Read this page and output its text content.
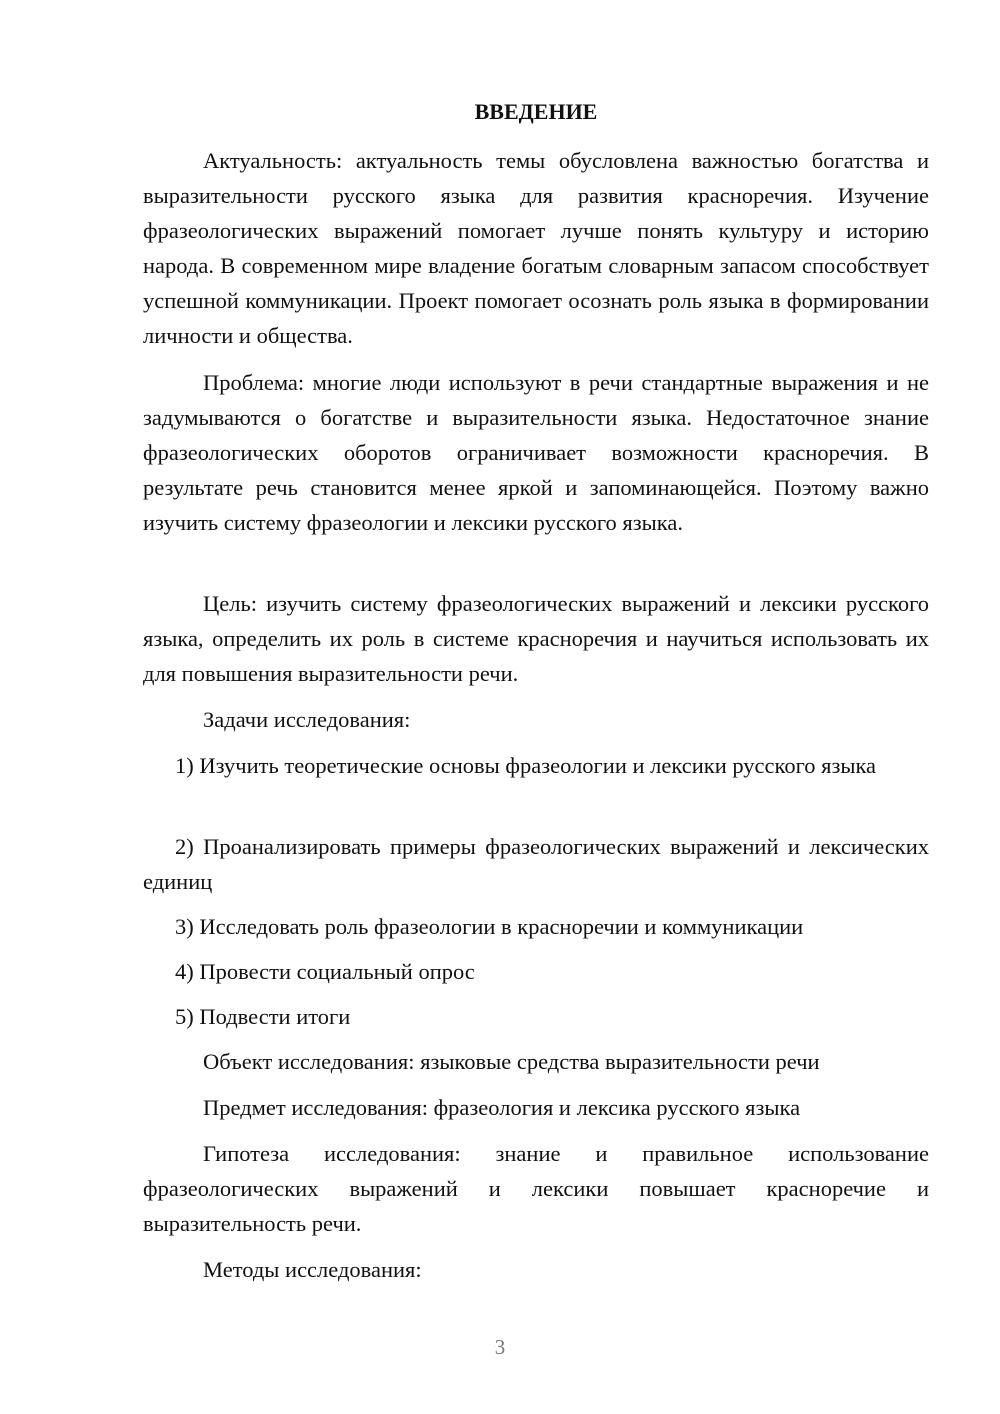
ВВЕДЕНИЕ

Актуальность: актуальность темы обусловлена важностью богатства и выразительности русского языка для развития красноречия. Изучение фразеологических выражений помогает лучше понять культуру и историю народа. В современном мире владение богатым словарным запасом способствует успешной коммуникации. Проект помогает осознать роль языка в формировании личности и общества.

Проблема: многие люди используют в речи стандартные выражения и не задумываются о богатстве и выразительности языка. Недостаточное знание фразеологических оборотов ограничивает возможности красноречия. В результате речь становится менее яркой и запоминающейся. Поэтому важно изучить систему фразеологии и лексики русского языка.

Цель: изучить систему фразеологических выражений и лексики русского языка, определить их роль в системе красноречия и научиться использовать их для повышения выразительности речи.

Задачи исследования:

1) Изучить теоретические основы фразеологии и лексики русского языка

2) Проанализировать примеры фразеологических выражений и лексических единиц

3) Исследовать роль фразеологии в красноречии и коммуникации

4) Провести социальный опрос

5) Подвести итоги

Объект исследования: языковые средства выразительности речи

Предмет исследования: фразеология и лексика русского языка

Гипотеза исследования: знание и правильное использование фразеологических выражений и лексики повышает красноречие и выразительность речи.

Методы исследования:

3
